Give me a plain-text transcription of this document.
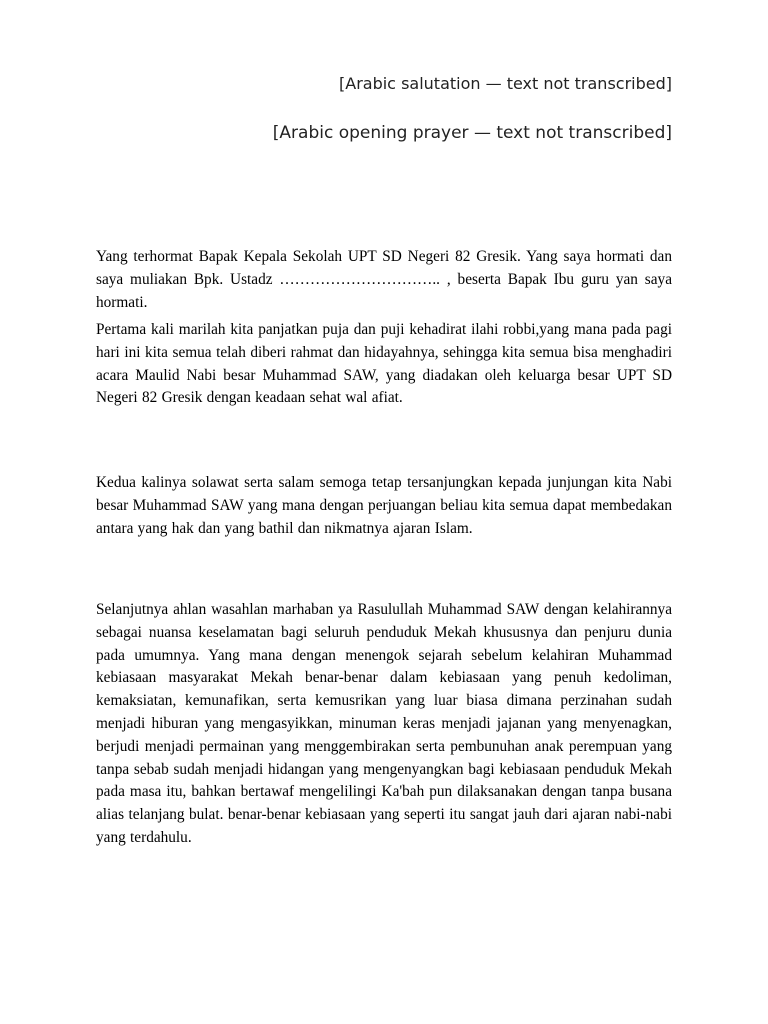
[Arabic salutation — text not transcribed]
[Arabic opening prayer — text not transcribed]

Yang terhormat Bapak Kepala Sekolah UPT SD Negeri 82 Gresik. Yang saya hormati dan saya muliakan Bpk. Ustadz ………………………….. , beserta Bapak Ibu guru yan saya hormati.

Pertama kali marilah kita panjatkan puja dan puji kehadirat ilahi robbi,yang mana pada pagi hari ini kita semua telah diberi rahmat dan hidayahnya, sehingga kita semua bisa menghadiri acara Maulid Nabi besar Muhammad SAW, yang diadakan oleh keluarga besar UPT SD Negeri 82 Gresik dengan keadaan sehat wal afiat.

Kedua kalinya solawat serta salam semoga tetap tersanjungkan kepada junjungan kita Nabi besar Muhammad SAW yang mana dengan perjuangan beliau kita semua dapat membedakan antara yang hak dan yang bathil dan nikmatnya ajaran Islam.

Selanjutnya ahlan wasahlan marhaban ya Rasulullah Muhammad SAW dengan kelahirannya sebagai nuansa keselamatan bagi seluruh penduduk Mekah khususnya dan penjuru dunia pada umumnya. Yang mana dengan menengok sejarah sebelum kelahiran Muhammad kebiasaan masyarakat Mekah benar-benar dalam kebiasaan yang penuh kedoliman, kemaksiatan, kemunafikan, serta kemusrikan yang luar biasa dimana perzinahan sudah menjadi hiburan yang mengasyikkan, minuman keras menjadi jajanan yang menyenagkan, berjudi menjadi permainan yang menggembirakan serta pembunuhan anak perempuan yang tanpa sebab sudah menjadi hidangan yang mengenyangkan bagi kebiasaan penduduk Mekah pada masa itu, bahkan bertawaf mengelilingi Ka'bah pun dilaksanakan dengan tanpa busana alias telanjang bulat. benar-benar kebiasaan yang seperti itu sangat jauh dari ajaran nabi-nabi yang terdahulu.
